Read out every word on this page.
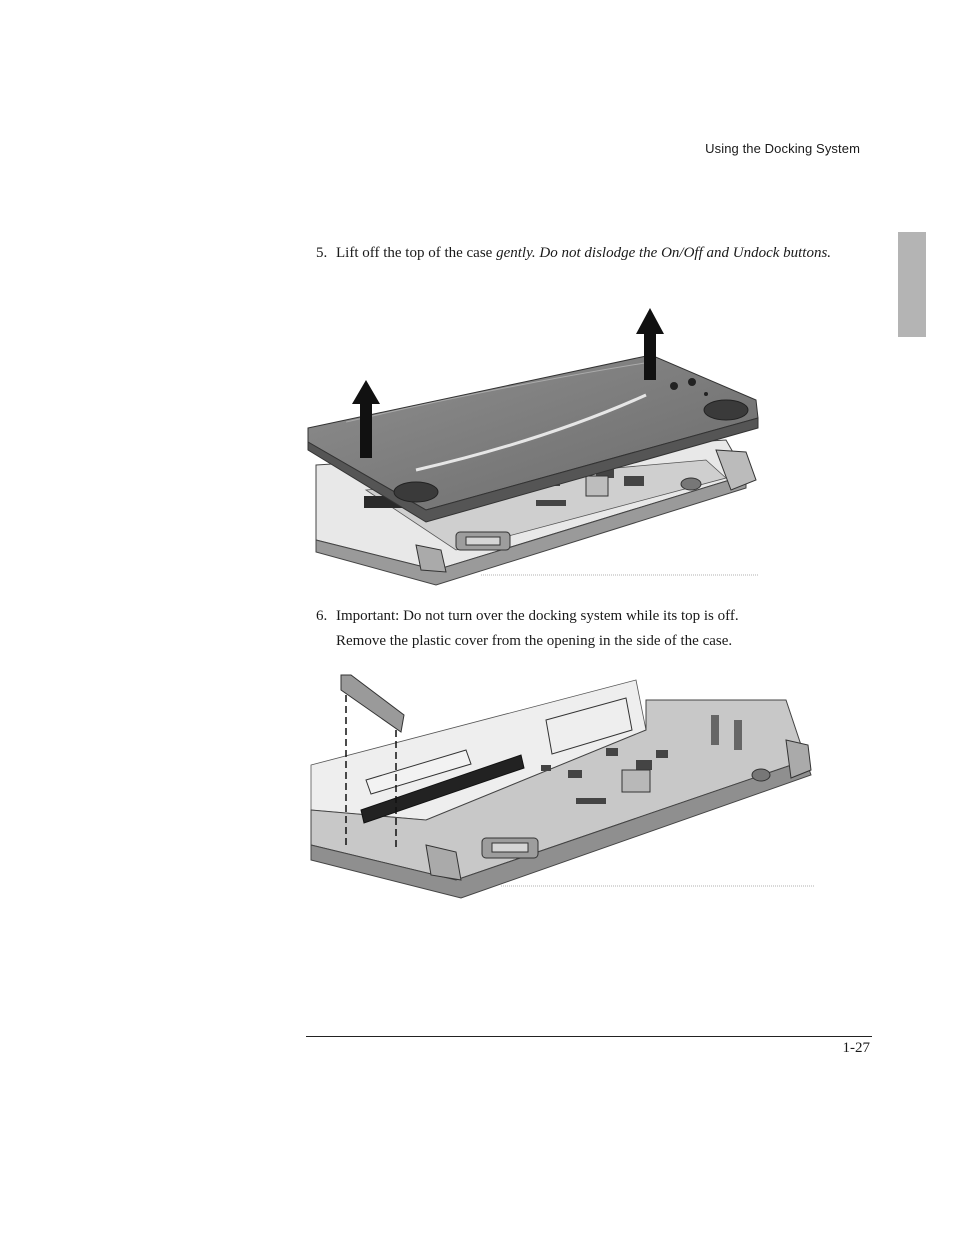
Using the Docking System
5. Lift off the top of the case gently. Do not dislodge the On/Off and Undock buttons.
6. Important: Do not turn over the docking system while its top is off.
Remove the plastic cover from the opening in the side of the case.
1-27
